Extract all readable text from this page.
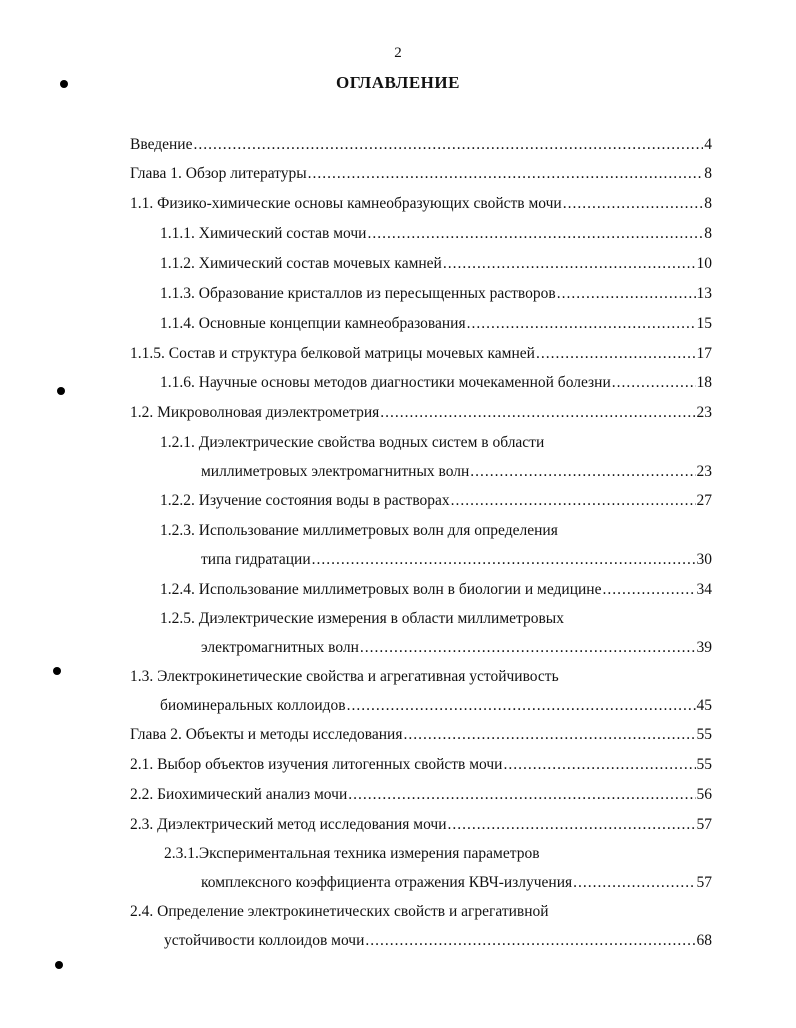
2
ОГЛАВЛЕНИЕ
Введение .....	4
Глава 1. Обзор литературы .....	8
1.1. Физико-химические основы камнеобразующих свойств мочи .....	8
1.1.1. Химический состав мочи .....	8
1.1.2. Химический состав мочевых камней .....	10
1.1.3. Образование кристаллов из пересыщенных растворов .....	13
1.1.4. Основные концепции камнеобразования .....	15
1.1.5. Состав и структура белковой матрицы мочевых камней .....	17
1.1.6. Научные основы методов диагностики мочекаменной болезни .....	18
1.2. Микроволновая диэлектрометрия .....	23
1.2.1. Диэлектрические свойства водных систем в области
миллиметровых электромагнитных волн .....	23
1.2.2. Изучение состояния воды в растворах .....	27
1.2.3. Использование миллиметровых волн для определения
типа гидратации .....	30
1.2.4. Использование миллиметровых волн в биологии и медицине .....	34
1.2.5. Диэлектрические измерения в области миллиметровых
электромагнитных волн .....	39
1.3. Электрокинетические свойства и агрегативная устойчивость
биоминеральных коллоидов .....	45
Глава 2. Объекты и методы исследования .....	55
2.1. Выбор объектов изучения литогенных свойств мочи .....	55
2.2. Биохимический анализ мочи .....	56
2.3. Диэлектрический метод исследования мочи .....	57
2.3.1.Экспериментальная техника измерения параметров
комплексного коэффициента отражения КВЧ-излучения .....	57
2.4. Определение электрокинетических свойств и агрегативной
устойчивости коллоидов мочи .....	68
